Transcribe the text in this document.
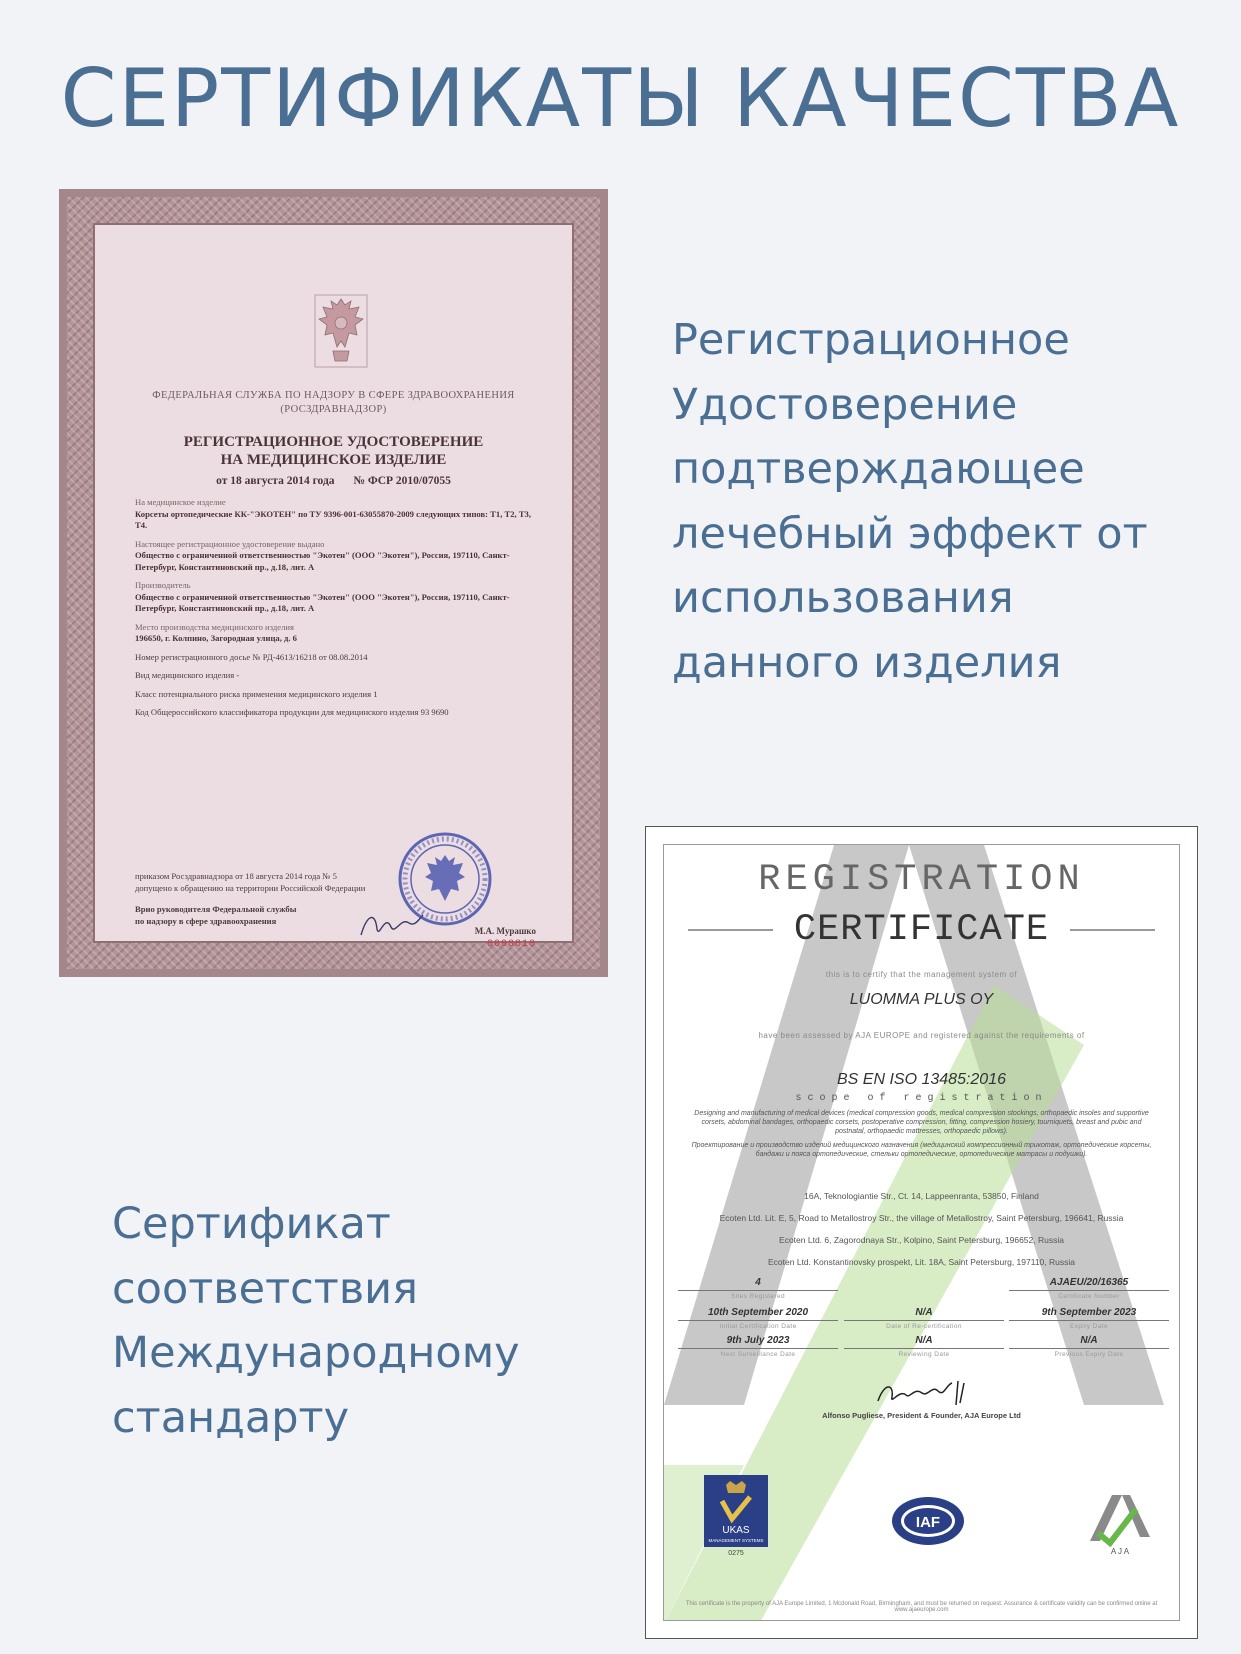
СЕРТИФИКАТЫ КАЧЕСТВА
Регистрационное
Удостоверение
подтверждающее
лечебный эффект от
использования
данного изделия
Сертификат
соответствия
Международному
стандарту
ФЕДЕРАЛЬНАЯ СЛУЖБА ПО НАДЗОРУ В СФЕРЕ ЗДРАВООХРАНЕНИЯ
(РОСЗДРАВНАДЗОР)
РЕГИСТРАЦИОННОЕ УДОСТОВЕРЕНИЕ
НА МЕДИЦИНСКОЕ ИЗДЕЛИЕ
от 18 августа 2014 года № ФСР 2010/07055

На медицинское изделие
Корсеты ортопедические КК-"ЭКОТЕН" по ТУ 9396-001-63055870-2009 следующих типов: Т1, Т2, Т3, Т4.

Настоящее регистрационное удостоверение выдано
Общество с ограниченной ответственностью "Экотен" (ООО "Экотен"), Россия, 197110, Санкт-Петербург, Константиновский пр., д.18, лит. А

Производитель
Общество с ограниченной ответственностью "Экотен" (ООО "Экотен"), Россия, 197110, Санкт-Петербург, Константиновский пр., д.18, лит. А

Место производства медицинского изделия
196650, г. Колпино, Загородная улица, д. 6

Номер регистрационного досье № РД-4613/16218 от 08.08.2014

Вид медицинского изделия -

Класс потенциального риска применения медицинского изделия 1

Код Общероссийского классификатора продукции для медицинского изделия 93 9690

приказом Росздравнадзора от 18 августа 2014 года № 5
допущено к обращению на территории Российской Федерации

Врио руководителя Федеральной службы
по надзору в сфере здравоохранения

М.А. Мурашко
0008810
REGISTRATION
CERTIFICATE
this is to certify that the management system of
LUOMMA PLUS OY
have been assessed by AJA EUROPE and registered against the requirements of
BS EN ISO 13485:2016
scope of registration
Designing and manufacturing of medical devices (medical compression goods, medical compression stockings, orthopaedic insoles and supportive corsets, abdominal bandages, orthopaedic corsets, postoperative compression, fitting, compression hosiery, tourniquets, breast and pubic and postnatal, orthopaedic mattresses, orthopaedic pillows).
Проектирование и производство изделий медицинского назначения (медицинский компрессионный трикотаж, ортопедические корсеты, бандажи и пояса ортопедические, стельки ортопедические, ортопедические матрасы и подушки).
16A, Teknologiantie Str., Ct. 14, Lappeenranta, 53850, Finland
Ecoten Ltd. Lit. E, 5, Road to Metallostroy Str., the village of Metallostroy, Saint Petersburg, 196641, Russia
Ecoten Ltd. 6, Zagorodnaya Str., Kolpino, Saint Petersburg, 196652, Russia
Ecoten Ltd. Konstantinovsky prospekt, Lit. 18A, Saint Petersburg, 197110, Russia
4
Sites Registered
AJAEU/20/16365
Certificate Number
10th September 2020
Initial Certification Date
N/A
Date of Re-certification
9th September 2023
Expiry Date
9th July 2023
Next Surveillance Date
N/A
Reviewing Date
N/A
Previous Expiry Date
Alfonso Pugliese, President & Founder, AJA Europe Ltd
UKAS
MANAGEMENT SYSTEMS
0275
IAF
A J A
This certificate is the property of AJA Europe Limited, 1 Mcdonald Road, Birmingham, and must be returned on request. Assurance & certificate validity can be confirmed online at www.ajaeurope.com
